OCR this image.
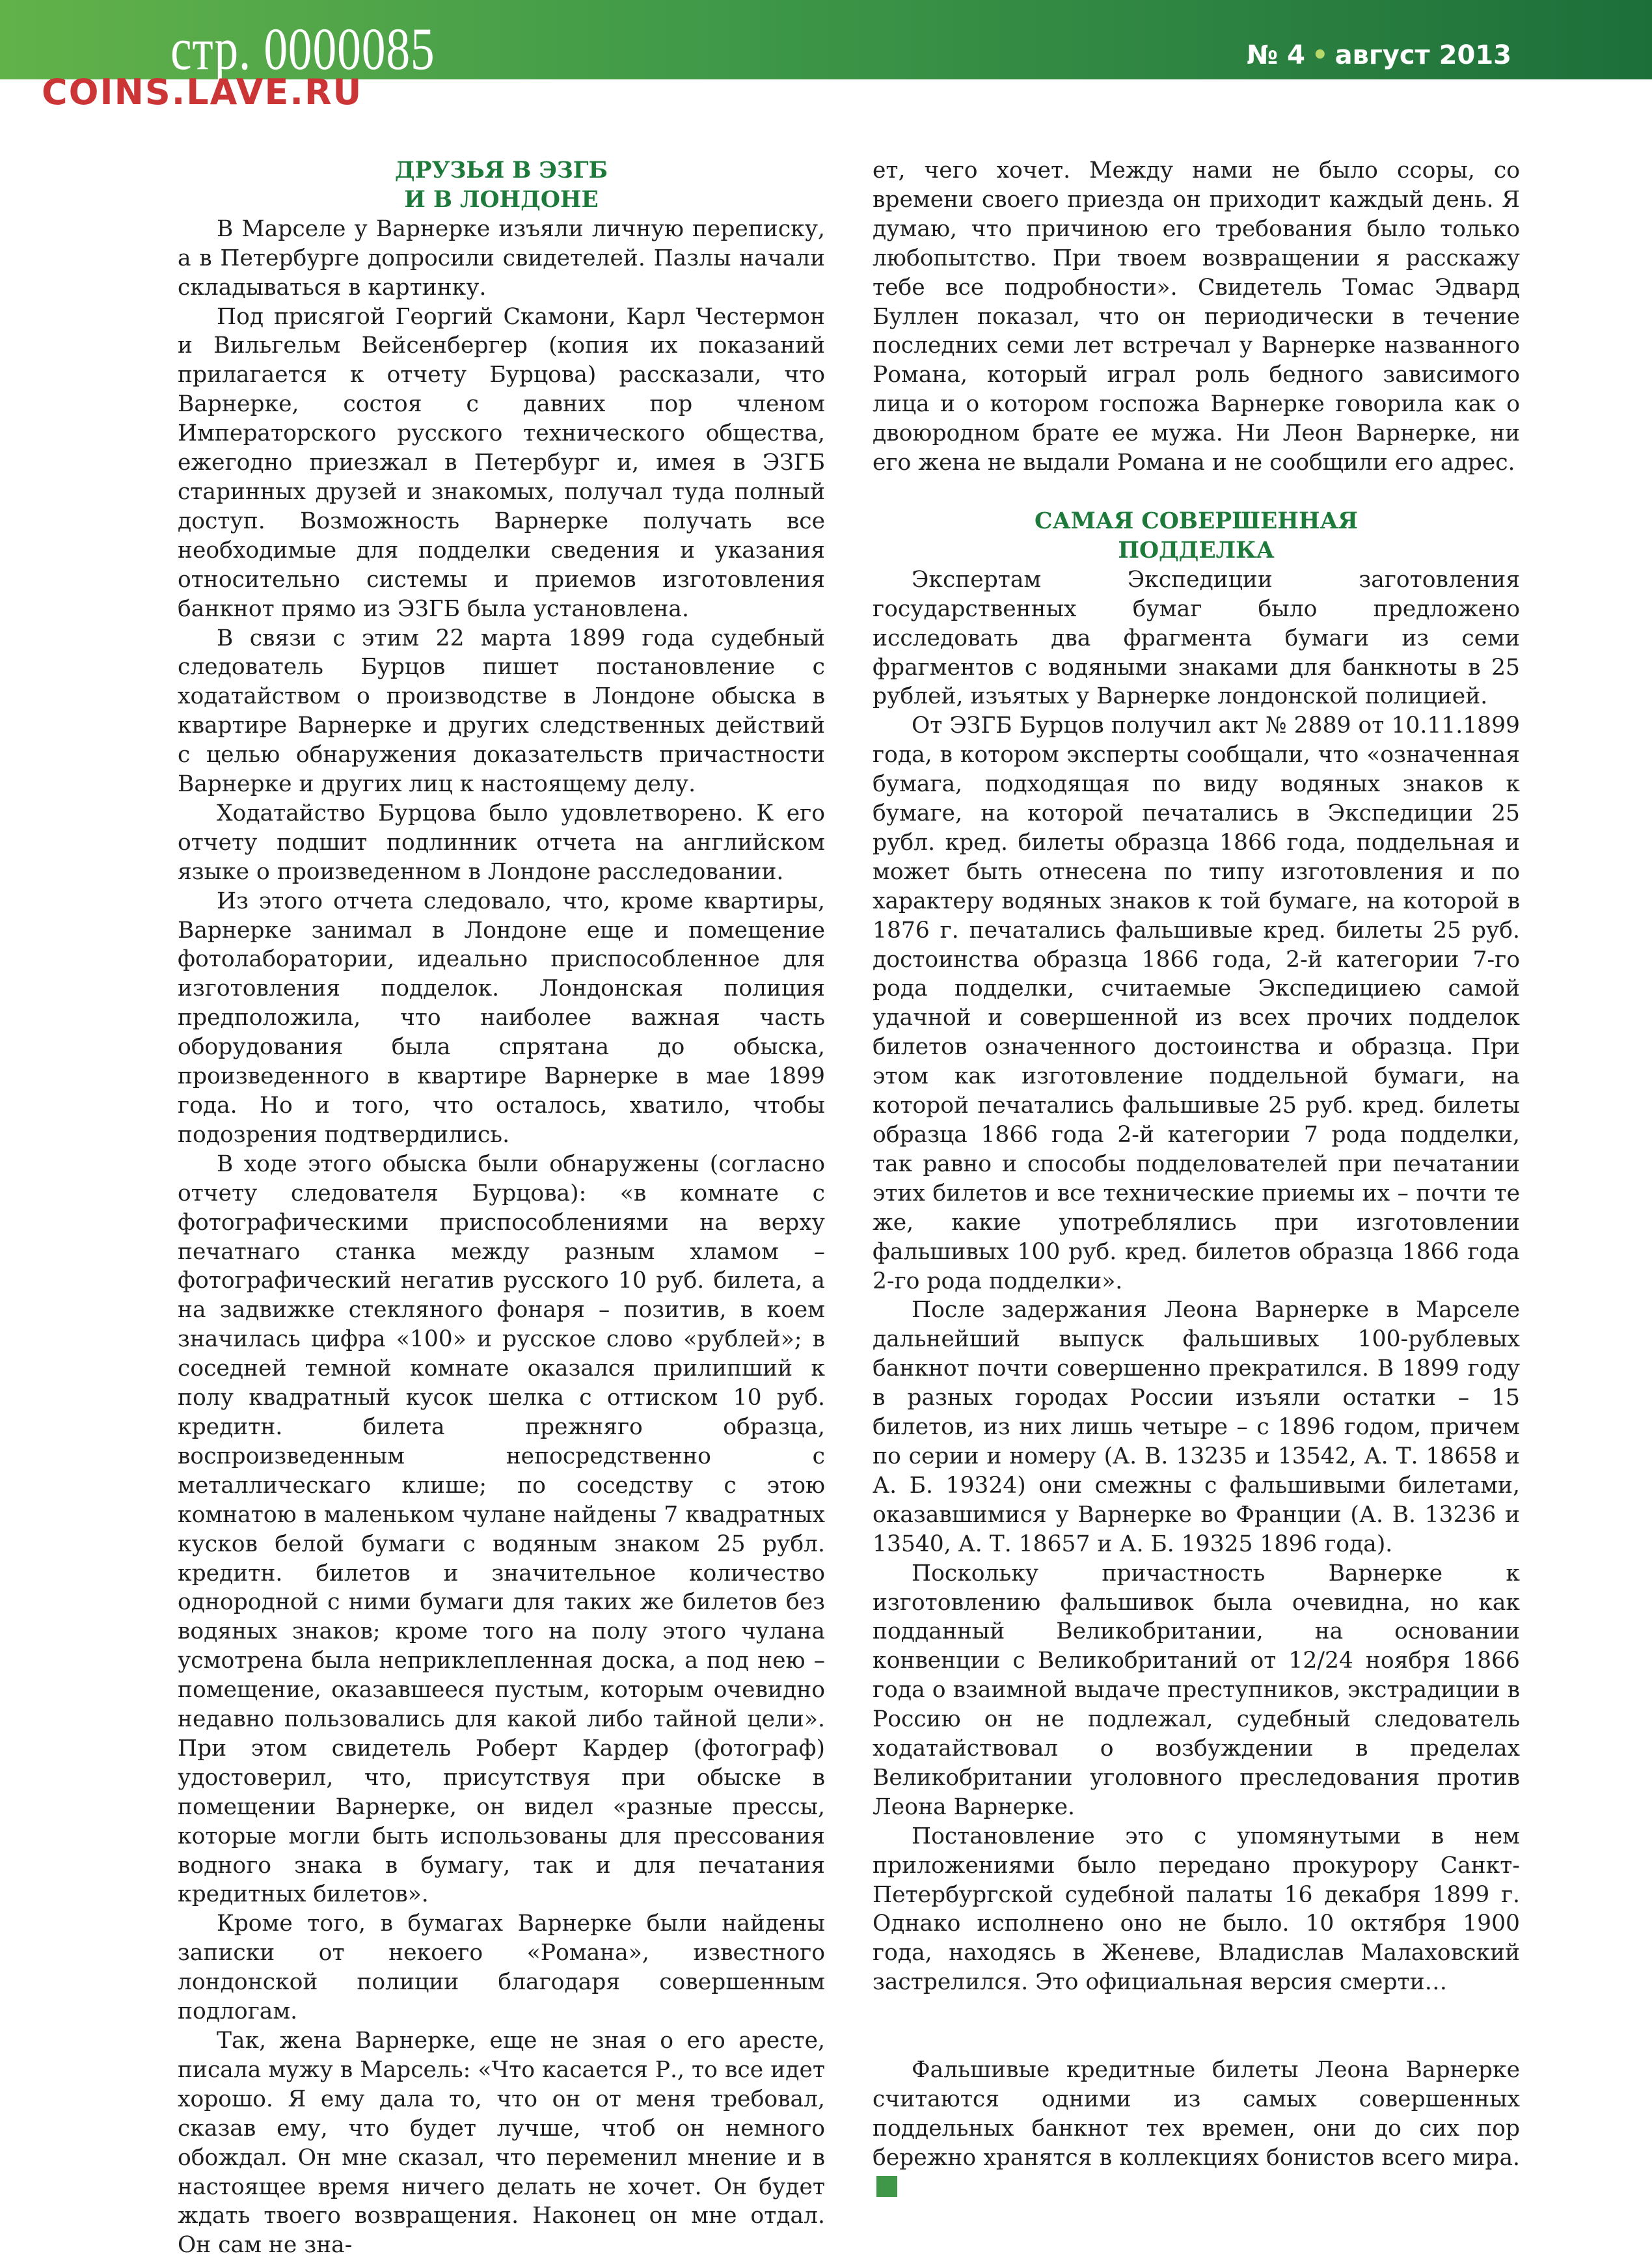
стр. 0000085	№ 4 • август 2013
COINS.LAVE.RU
ДРУЗЬЯ В ЭЗГБ
И В ЛОНДОНЕ

В Марселе у Варнерке изъяли личную переписку, а в Петербурге допросили свидетелей. Пазлы начали складываться в картинку.

Под присягой Георгий Скамони, Карл Честермон и Вильгельм Вейсенбергер (копия их показаний прилагается к отчету Бурцова) рассказали, что Варнерке, состоя с давних пор членом Императорского русского технического общества, ежегодно приезжал в Петербург и, имея в ЭЗГБ старинных друзей и знакомых, получал туда полный доступ. Возможность Варнерке получать все необходимые для подделки сведения и указания относительно системы и приемов изготовления банкнот прямо из ЭЗГБ была установлена.

В связи с этим 22 марта 1899 года судебный следователь Бурцов пишет постановление с ходатайством о производстве в Лондоне обыска в квартире Варнерке и других следственных действий с целью обнаружения доказательств причастности Варнерке и других лиц к настоящему делу.

Ходатайство Бурцова было удовлетворено. К его отчету подшит подлинник отчета на английском языке о произведенном в Лондоне расследовании.

Из этого отчета следовало, что, кроме квартиры, Варнерке занимал в Лондоне еще и помещение фотолаборатории, идеально приспособленное для изготовления подделок. Лондонская полиция предположила, что наиболее важная часть оборудования была спрятана до обыска, произведенного в квартире Варнерке в мае 1899 года. Но и того, что осталось, хватило, чтобы подозрения подтвердились.

В ходе этого обыска были обнаружены (согласно отчету следователя Бурцова): «в комнате с фотографическими приспособлениями на верху печатнаго станка между разным хламом – фотографический негатив русского 10 руб. билета, а на задвижке стекляного фонаря – позитив, в коем значилась цифра «100» и русское слово «рублей»; в соседней темной комнате оказался прилипший к полу квадратный кусок шелка с оттиском 10 руб. кредитн. билета прежняго образца, воспроизведенным непосредственно с металлическаго клише; по соседству с этою комнатою в маленьком чулане найдены 7 квадратных кусков белой бумаги с водяным знаком 25 рубл. кредитн. билетов и значительное количество однородной с ними бумаги для таких же билетов без водяных знаков; кроме того на полу этого чулана усмотрена была неприклепленная доска, а под нею – помещение, оказавшееся пустым, которым очевидно недавно пользовались для какой либо тайной цели». При этом свидетель Роберт Кардер (фотограф) удостоверил, что, присутствуя при обыске в помещении Варнерке, он видел «разные прессы, которые могли быть использованы для прессования водного знака в бумагу, так и для печатания кредитных билетов».

Кроме того, в бумагах Варнерке были найдены записки от некоего «Романа», известного лондонской полиции благодаря совершенным подлогам.

Так, жена Варнерке, еще не зная о его аресте, писала мужу в Марсель: «Что касается Р., то все идет хорошо. Я ему дала то, что он от меня требовал, сказав ему, что будет лучше, чтоб он немного обождал. Он мне сказал, что переменил мнение и в настоящее время ничего делать не хочет. Он будет ждать твоего возвращения. Наконец он мне отдал. Он сам не зна-

ет, чего хочет. Между нами не было ссоры, со времени своего приезда он приходит каждый день. Я думаю, что причиною его требования было только любопытство. При твоем возвращении я расскажу тебе все подробности». Свидетель Томас Эдвард Буллен показал, что он периодически в течение последних семи лет встречал у Варнерке названного Романа, который играл роль бедного зависимого лица и о котором госпожа Варнерке говорила как о двоюродном брате ее мужа. Ни Леон Варнерке, ни его жена не выдали Романа и не сообщили его адрес.

САМАЯ СОВЕРШЕННАЯ
ПОДДЕЛКА

Экспертам Экспедиции заготовления государственных бумаг было предложено исследовать два фрагмента бумаги из семи фрагментов с водяными знаками для банкноты в 25 рублей, изъятых у Варнерке лондонской полицией.

От ЭЗГБ Бурцов получил акт № 2889 от 10.11.1899 года, в котором эксперты сообщали, что «означенная бумага, подходящая по виду водяных знаков к бумаге, на которой печатались в Экспедиции 25 рубл. кред. билеты образца 1866 года, поддельная и может быть отнесена по типу изготовления и по характеру водяных знаков к той бумаге, на которой в 1876 г. печатались фальшивые кред. билеты 25 руб. достоинства образца 1866 года, 2-й категории 7-го рода подделки, считаемые Экспедициею самой удачной и совершенной из всех прочих подделок билетов означенного достоинства и образца. При этом как изготовление поддельной бумаги, на которой печатались фальшивые 25 руб. кред. билеты образца 1866 года 2-й категории 7 рода подделки, так равно и способы подделователей при печатании этих билетов и все технические приемы их – почти те же, какие употреблялись при изготовлении фальшивых 100 руб. кред. билетов образца 1866 года 2-го рода подделки».

После задержания Леона Варнерке в Марселе дальнейший выпуск фальшивых 100-рублевых банкнот почти совершенно прекратился. В 1899 году в разных городах России изъяли остатки – 15 билетов, из них лишь четыре – с 1896 годом, причем по серии и номеру (А. В. 13235 и 13542, А. Т. 18658 и А. Б. 19324) они смежны с фальшивыми билетами, оказавшимися у Варнерке во Франции (А. В. 13236 и 13540, А. Т. 18657 и А. Б. 19325 1896 года).

Поскольку причастность Варнерке к изготовлению фальшивок была очевидна, но как подданный Великобритании, на основании конвенции с Великобританий от 12/24 ноября 1866 года о взаимной выдаче преступников, экстрадиции в Россию он не подлежал, судебный следователь ходатайствовал о возбуждении в пределах Великобритании уголовного преследования против Леона Варнерке.

Постановление это с упомянутыми в нем приложениями было передано прокурору Санкт-Петербургской судебной палаты 16 декабря 1899 г. Однако исполнено оно не было. 10 октября 1900 года, находясь в Женеве, Владислав Малаховский застрелился. Это официальная версия смерти…

Фальшивые кредитные билеты Леона Варнерке считаются одними из самых совершенных поддельных банкнот тех времен, они до сих пор бережно хранятся в коллекциях бонистов всего мира.
